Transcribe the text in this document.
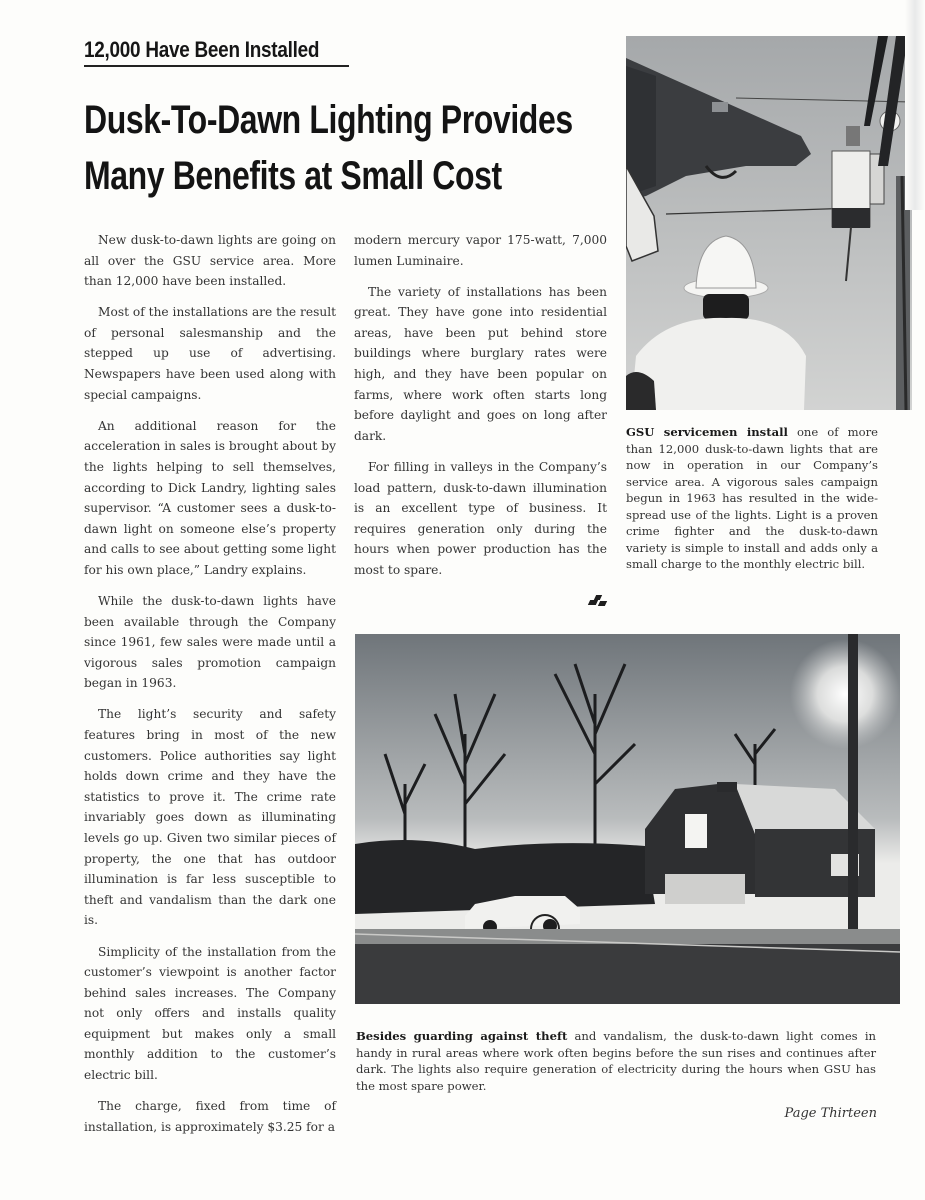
12,000 Have Been Installed
Dusk-To-Dawn Lighting Provides
Many Benefits at Small Cost

New dusk-to-dawn lights are going on all over the GSU service area. More than 12,000 have been installed.

Most of the installations are the result of personal salesmanship and the stepped up use of advertising. Newspapers have been used along with special campaigns.

An additional reason for the acceleration in sales is brought about by the lights helping to sell themselves, according to Dick Landry, lighting sales supervisor. “A customer sees a dusk-to-dawn light on someone else’s property and calls to see about getting some light for his own place,” Landry explains.

While the dusk-to-dawn lights have been available through the Company since 1961, few sales were made until a vigorous sales promotion campaign began in 1963.

The light’s security and safety features bring in most of the new customers. Police authorities say light holds down crime and they have the statistics to prove it. The crime rate invariably goes down as illuminating levels go up. Given two similar pieces of property, the one that has outdoor illumination is far less susceptible to theft and vandalism than the dark one is.

Simplicity of the installation from the customer’s viewpoint is another factor behind sales increases. The Company not only offers and installs quality equipment but makes only a small monthly addition to the customer’s electric bill.

The charge, fixed from time of installation, is approximately $3.25 for a

modern mercury vapor 175-watt, 7,000 lumen Luminaire.

The variety of installations has been great. They have gone into residential areas, have been put behind store buildings where burglary rates were high, and they have been popular on farms, where work often starts long before daylight and goes on long after dark.

For filling in valleys in the Company’s load pattern, dusk-to-dawn illumination is an excellent type of business. It requires generation only during the hours when power production has the most to spare.

GSU servicemen install one of more than 12,000 dusk-to-dawn lights that are now in operation in our Company’s service area. A vigorous sales campaign begun in 1963 has resulted in the wide-spread use of the lights. Light is a proven crime fighter and the dusk-to-dawn variety is simple to install and adds only a small charge to the monthly electric bill.
Besides guarding against theft and vandalism, the dusk-to-dawn light comes in handy in rural areas where work often begins before the sun rises and continues after dark. The lights also require generation of electricity during the hours when GSU has the most spare power.
Page Thirteen
